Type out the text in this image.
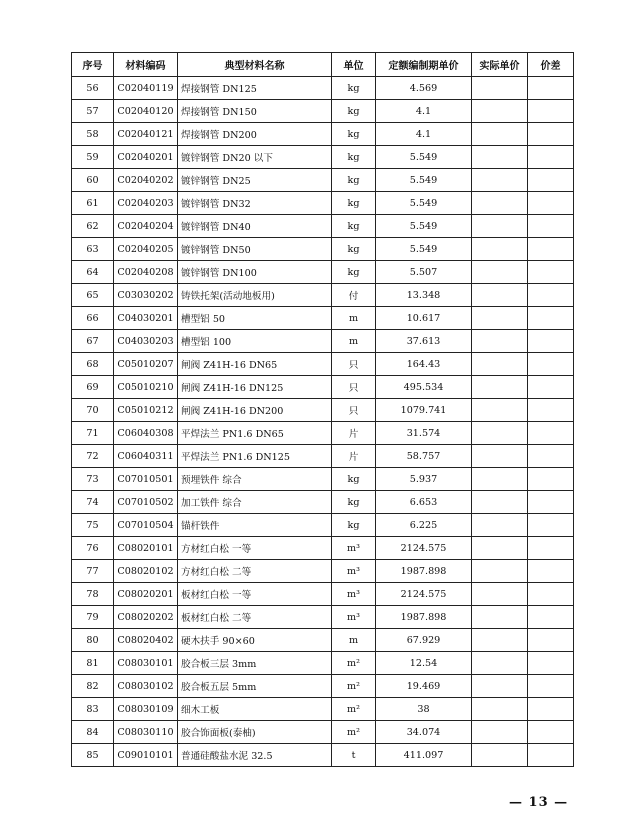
序号	材料编码	典型材料名称	单位	定额编制期单价	实际单价	价差
56	C02040119	焊接钢管 DN125	kg	4.569		
57	C02040120	焊接钢管 DN150	kg	4.1		
58	C02040121	焊接钢管 DN200	kg	4.1		
59	C02040201	镀锌钢管 DN20 以下	kg	5.549		
60	C02040202	镀锌钢管 DN25	kg	5.549		
61	C02040203	镀锌钢管 DN32	kg	5.549		
62	C02040204	镀锌钢管 DN40	kg	5.549		
63	C02040205	镀锌钢管 DN50	kg	5.549		
64	C02040208	镀锌钢管 DN100	kg	5.507		
65	C03030202	铸铁托架(活动地板用)	付	13.348		
66	C04030201	槽型铝 50	m	10.617		
67	C04030203	槽型铝 100	m	37.613		
68	C05010207	闸阀 Z41H-16 DN65	只	164.43		
69	C05010210	闸阀 Z41H-16 DN125	只	495.534		
70	C05010212	闸阀 Z41H-16 DN200	只	1079.741		
71	C06040308	平焊法兰 PN1.6 DN65	片	31.574		
72	C06040311	平焊法兰 PN1.6 DN125	片	58.757		
73	C07010501	预埋铁件 综合	kg	5.937		
74	C07010502	加工铁件 综合	kg	6.653		
75	C07010504	锚杆铁件	kg	6.225		
76	C08020101	方材红白松 一等	m³	2124.575		
77	C08020102	方材红白松 二等	m³	1987.898		
78	C08020201	板材红白松 一等	m³	2124.575		
79	C08020202	板材红白松 二等	m³	1987.898		
80	C08020402	硬木扶手 90×60	m	67.929		
81	C08030101	胶合板三层 3mm	m²	12.54		
82	C08030102	胶合板五层 5mm	m²	19.469		
83	C08030109	细木工板	m²	38		
84	C08030110	胶合饰面板(泰柚)	m²	34.074		
85	C09010101	普通硅酸盐水泥 32.5	t	411.097		
— 13 —
